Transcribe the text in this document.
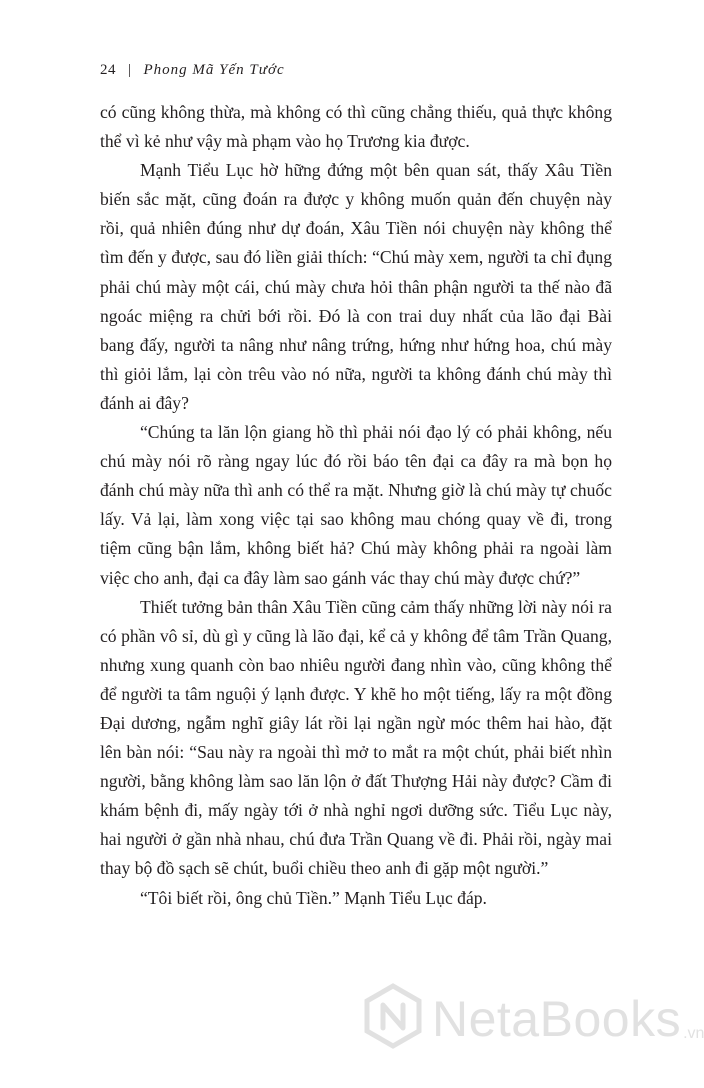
24 | Phong Mã Yến Tước

có cũng không thừa, mà không có thì cũng chẳng thiếu, quả thực không thể vì kẻ như vậy mà phạm vào họ Trương kia được.

Mạnh Tiểu Lục hờ hững đứng một bên quan sát, thấy Xâu Tiền biến sắc mặt, cũng đoán ra được y không muốn quản đến chuyện này rồi, quả nhiên đúng như dự đoán, Xâu Tiền nói chuyện này không thể tìm đến y được, sau đó liền giải thích: “Chú mày xem, người ta chỉ đụng phải chú mày một cái, chú mày chưa hỏi thân phận người ta thế nào đã ngoác miệng ra chửi bới rồi. Đó là con trai duy nhất của lão đại Bài bang đấy, người ta nâng như nâng trứng, hứng như hứng hoa, chú mày thì giỏi lắm, lại còn trêu vào nó nữa, người ta không đánh chú mày thì đánh ai đây?

“Chúng ta lăn lộn giang hồ thì phải nói đạo lý có phải không, nếu chú mày nói rõ ràng ngay lúc đó rồi báo tên đại ca đây ra mà bọn họ đánh chú mày nữa thì anh có thể ra mặt. Nhưng giờ là chú mày tự chuốc lấy. Vả lại, làm xong việc tại sao không mau chóng quay về đi, trong tiệm cũng bận lắm, không biết hả? Chú mày không phải ra ngoài làm việc cho anh, đại ca đây làm sao gánh vác thay chú mày được chứ?”

Thiết tưởng bản thân Xâu Tiền cũng cảm thấy những lời này nói ra có phần vô sỉ, dù gì y cũng là lão đại, kể cả y không để tâm Trần Quang, nhưng xung quanh còn bao nhiêu người đang nhìn vào, cũng không thể để người ta tâm nguội ý lạnh được. Y khẽ ho một tiếng, lấy ra một đồng Đại dương, ngẫm nghĩ giây lát rồi lại ngần ngừ móc thêm hai hào, đặt lên bàn nói: “Sau này ra ngoài thì mở to mắt ra một chút, phải biết nhìn người, bằng không làm sao lăn lộn ở đất Thượng Hải này được? Cầm đi khám bệnh đi, mấy ngày tới ở nhà nghỉ ngơi dưỡng sức. Tiểu Lục này, hai người ở gần nhà nhau, chú đưa Trần Quang về đi. Phải rồi, ngày mai thay bộ đồ sạch sẽ chút, buổi chiều theo anh đi gặp một người.”

“Tôi biết rồi, ông chủ Tiền.” Mạnh Tiểu Lục đáp.

NetaBooks .vn
